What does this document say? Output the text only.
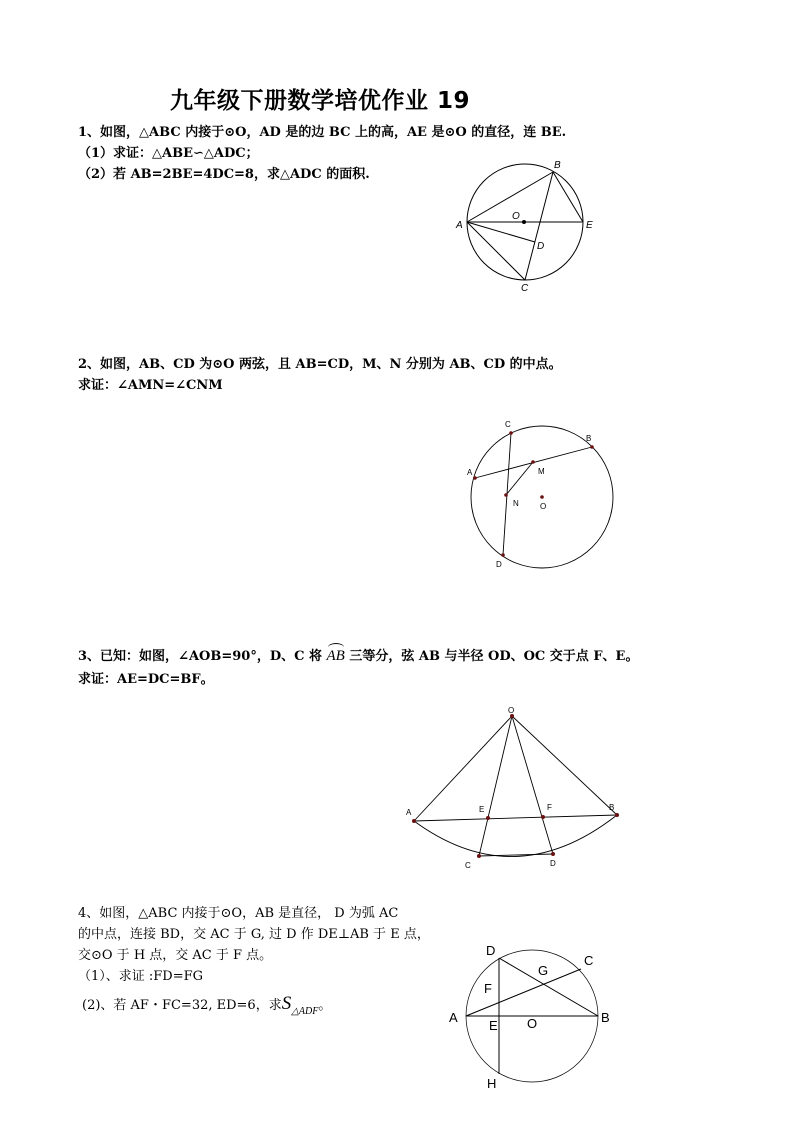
九年级下册数学培优作业 19
1、如图，△ABC 内接于⊙O，AD 是的边 BC 上的高，AE 是⊙O 的直径，连 BE.
（1）求证：△ABE∽△ADC；
（2）若 AB=2BE=4DC=8，求△ADC 的面积.
A
B
C
D
E
O
2、如图，AB、CD 为⊙O 两弦，且 AB=CD，M、N 分别为 AB、CD 的中点。
求证：∠AMN=∠CNM
A
B
C
D
M
N	O
3、已知：如图，∠AOB=90°，D、C 将 AB 三等分，弦 AB 与半径 OD、OC 交于点 F、E。
求证：AE=DC=BF。
O
A
B
E	F
C	D
4、如图，△ABC 内接于⊙O，AB 是直径， D 为弧 AC
的中点，连接 BD，交 AC 于 G, 过 D 作 DE⊥AB 于 E 点，
交⊙O 于 H 点，交 AC 于 F 点。
（1）、求证 :FD=FG
(2)、若 AF・FC=32, ED=6，求$S_{\triangle ADF}$。
D
C
G
F
A	B
E O
H
